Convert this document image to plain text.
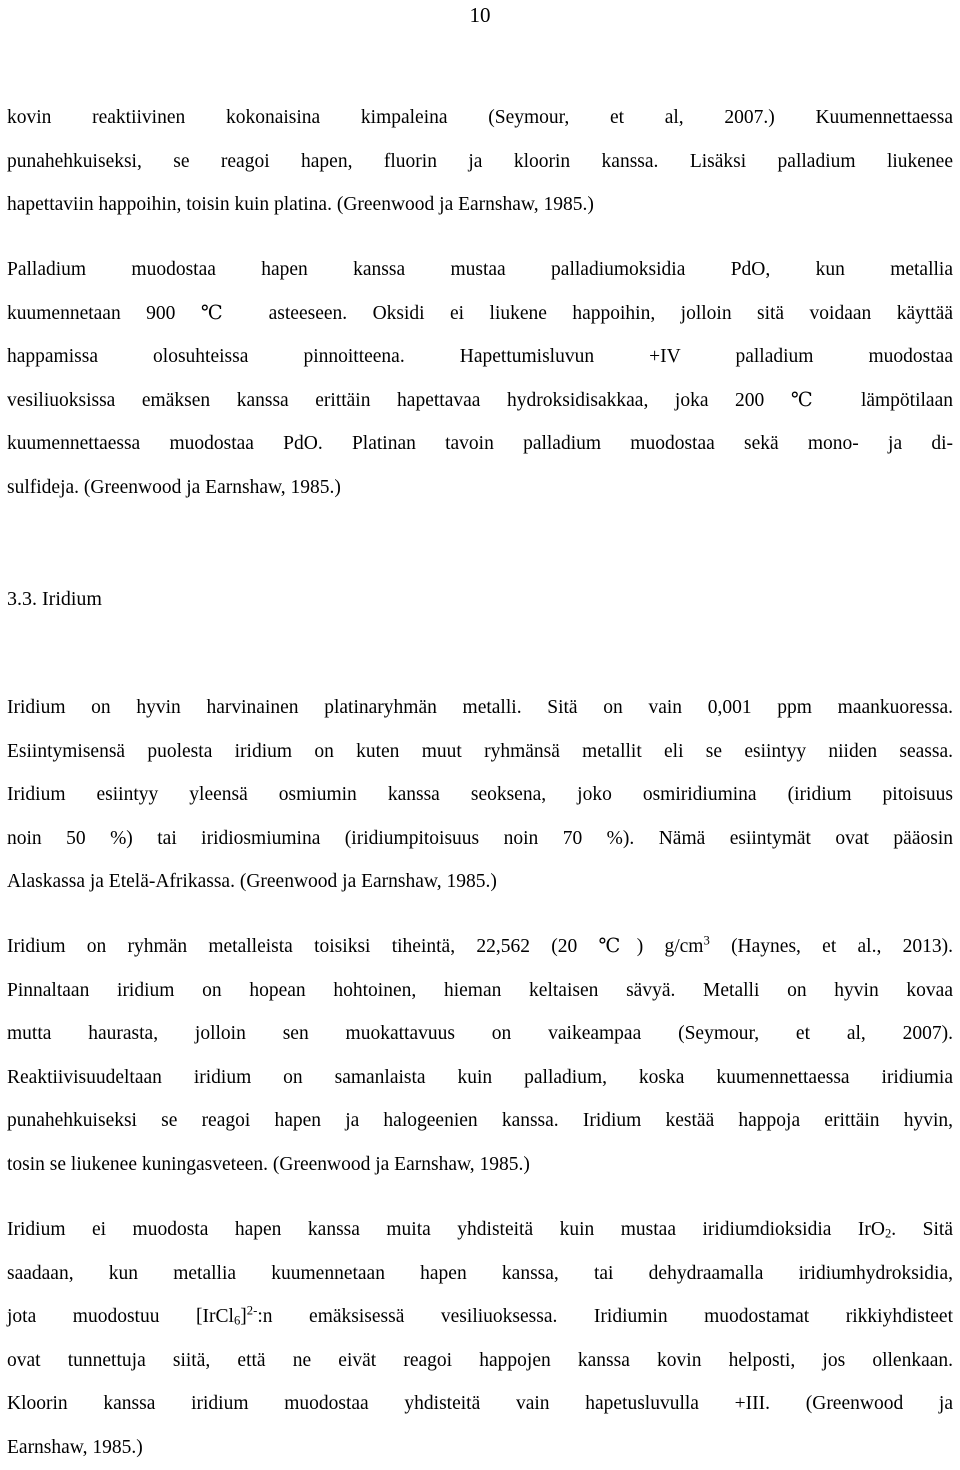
10
kovin reaktiivinen kokonaisina kimpaleina (Seymour, et al, 2007.) Kuumennettaessa
punahehkuiseksi, se reagoi hapen, fluorin ja kloorin kanssa. Lisäksi palladium liukenee
hapettaviin happoihin, toisin kuin platina. (Greenwood ja Earnshaw, 1985.)
Palladium muodostaa hapen kanssa mustaa palladiumoksidia PdO, kun metallia
kuumennetaan 900 ℃ asteeseen. Oksidi ei liukene happoihin, jolloin sitä voidaan käyttää
happamissa olosuhteissa pinnoitteena. Hapettumisluvun +IV palladium muodostaa
vesiliuoksissa emäksen kanssa erittäin hapettavaa hydroksidisakkaa, joka 200 ℃ lämpötilaan
kuumennettaessa muodostaa PdO. Platinan tavoin palladium muodostaa sekä mono- ja di-
sulfideja. (Greenwood ja Earnshaw, 1985.)
3.3. Iridium
Iridium on hyvin harvinainen platinaryhmän metalli. Sitä on vain 0,001 ppm maankuoressa.
Esiintymisensä puolesta iridium on kuten muut ryhmänsä metallit eli se esiintyy niiden seassa.
Iridium esiintyy yleensä osmiumin kanssa seoksena, joko osmiridiumina (iridium pitoisuus
noin 50 %) tai iridiosmiumina (iridiumpitoisuus noin 70 %). Nämä esiintymät ovat pääosin
Alaskassa ja Etelä-Afrikassa. (Greenwood ja Earnshaw, 1985.)
Iridium on ryhmän metalleista toisiksi tiheintä, 22,562 (20 ℃) $g/cm^3$ (Haynes, et al., 2013).
Pinnaltaan iridium on hopean hohtoinen, hieman keltaisen sävyä. Metalli on hyvin kovaa
mutta haurasta, jolloin sen muokattavuus on vaikeampaa (Seymour, et al, 2007).
Reaktiivisuudeltaan iridium on samanlaista kuin palladium, koska kuumennettaessa iridiumia
punahehkuiseksi se reagoi hapen ja halogeenien kanssa. Iridium kestää happoja erittäin hyvin,
tosin se liukenee kuningasveteen. (Greenwood ja Earnshaw, 1985.)
Iridium ei muodosta hapen kanssa muita yhdisteitä kuin mustaa iridiumdioksidia IrO$_2$. Sitä
saadaan, kun metallia kuumennetaan hapen kanssa, tai dehydraamalla iridiumhydroksidia,
jota muodostuu [IrCl$_6$]$^{2-}$:n emäksisessä vesiliuoksessa. Iridiumin muodostamat rikkiyhdisteet
ovat tunnettuja siitä, että ne eivät reagoi happojen kanssa kovin helposti, jos ollenkaan.
Kloorin kanssa iridium muodostaa yhdisteitä vain hapetusluvulla +III. (Greenwood ja
Earnshaw, 1985.)
